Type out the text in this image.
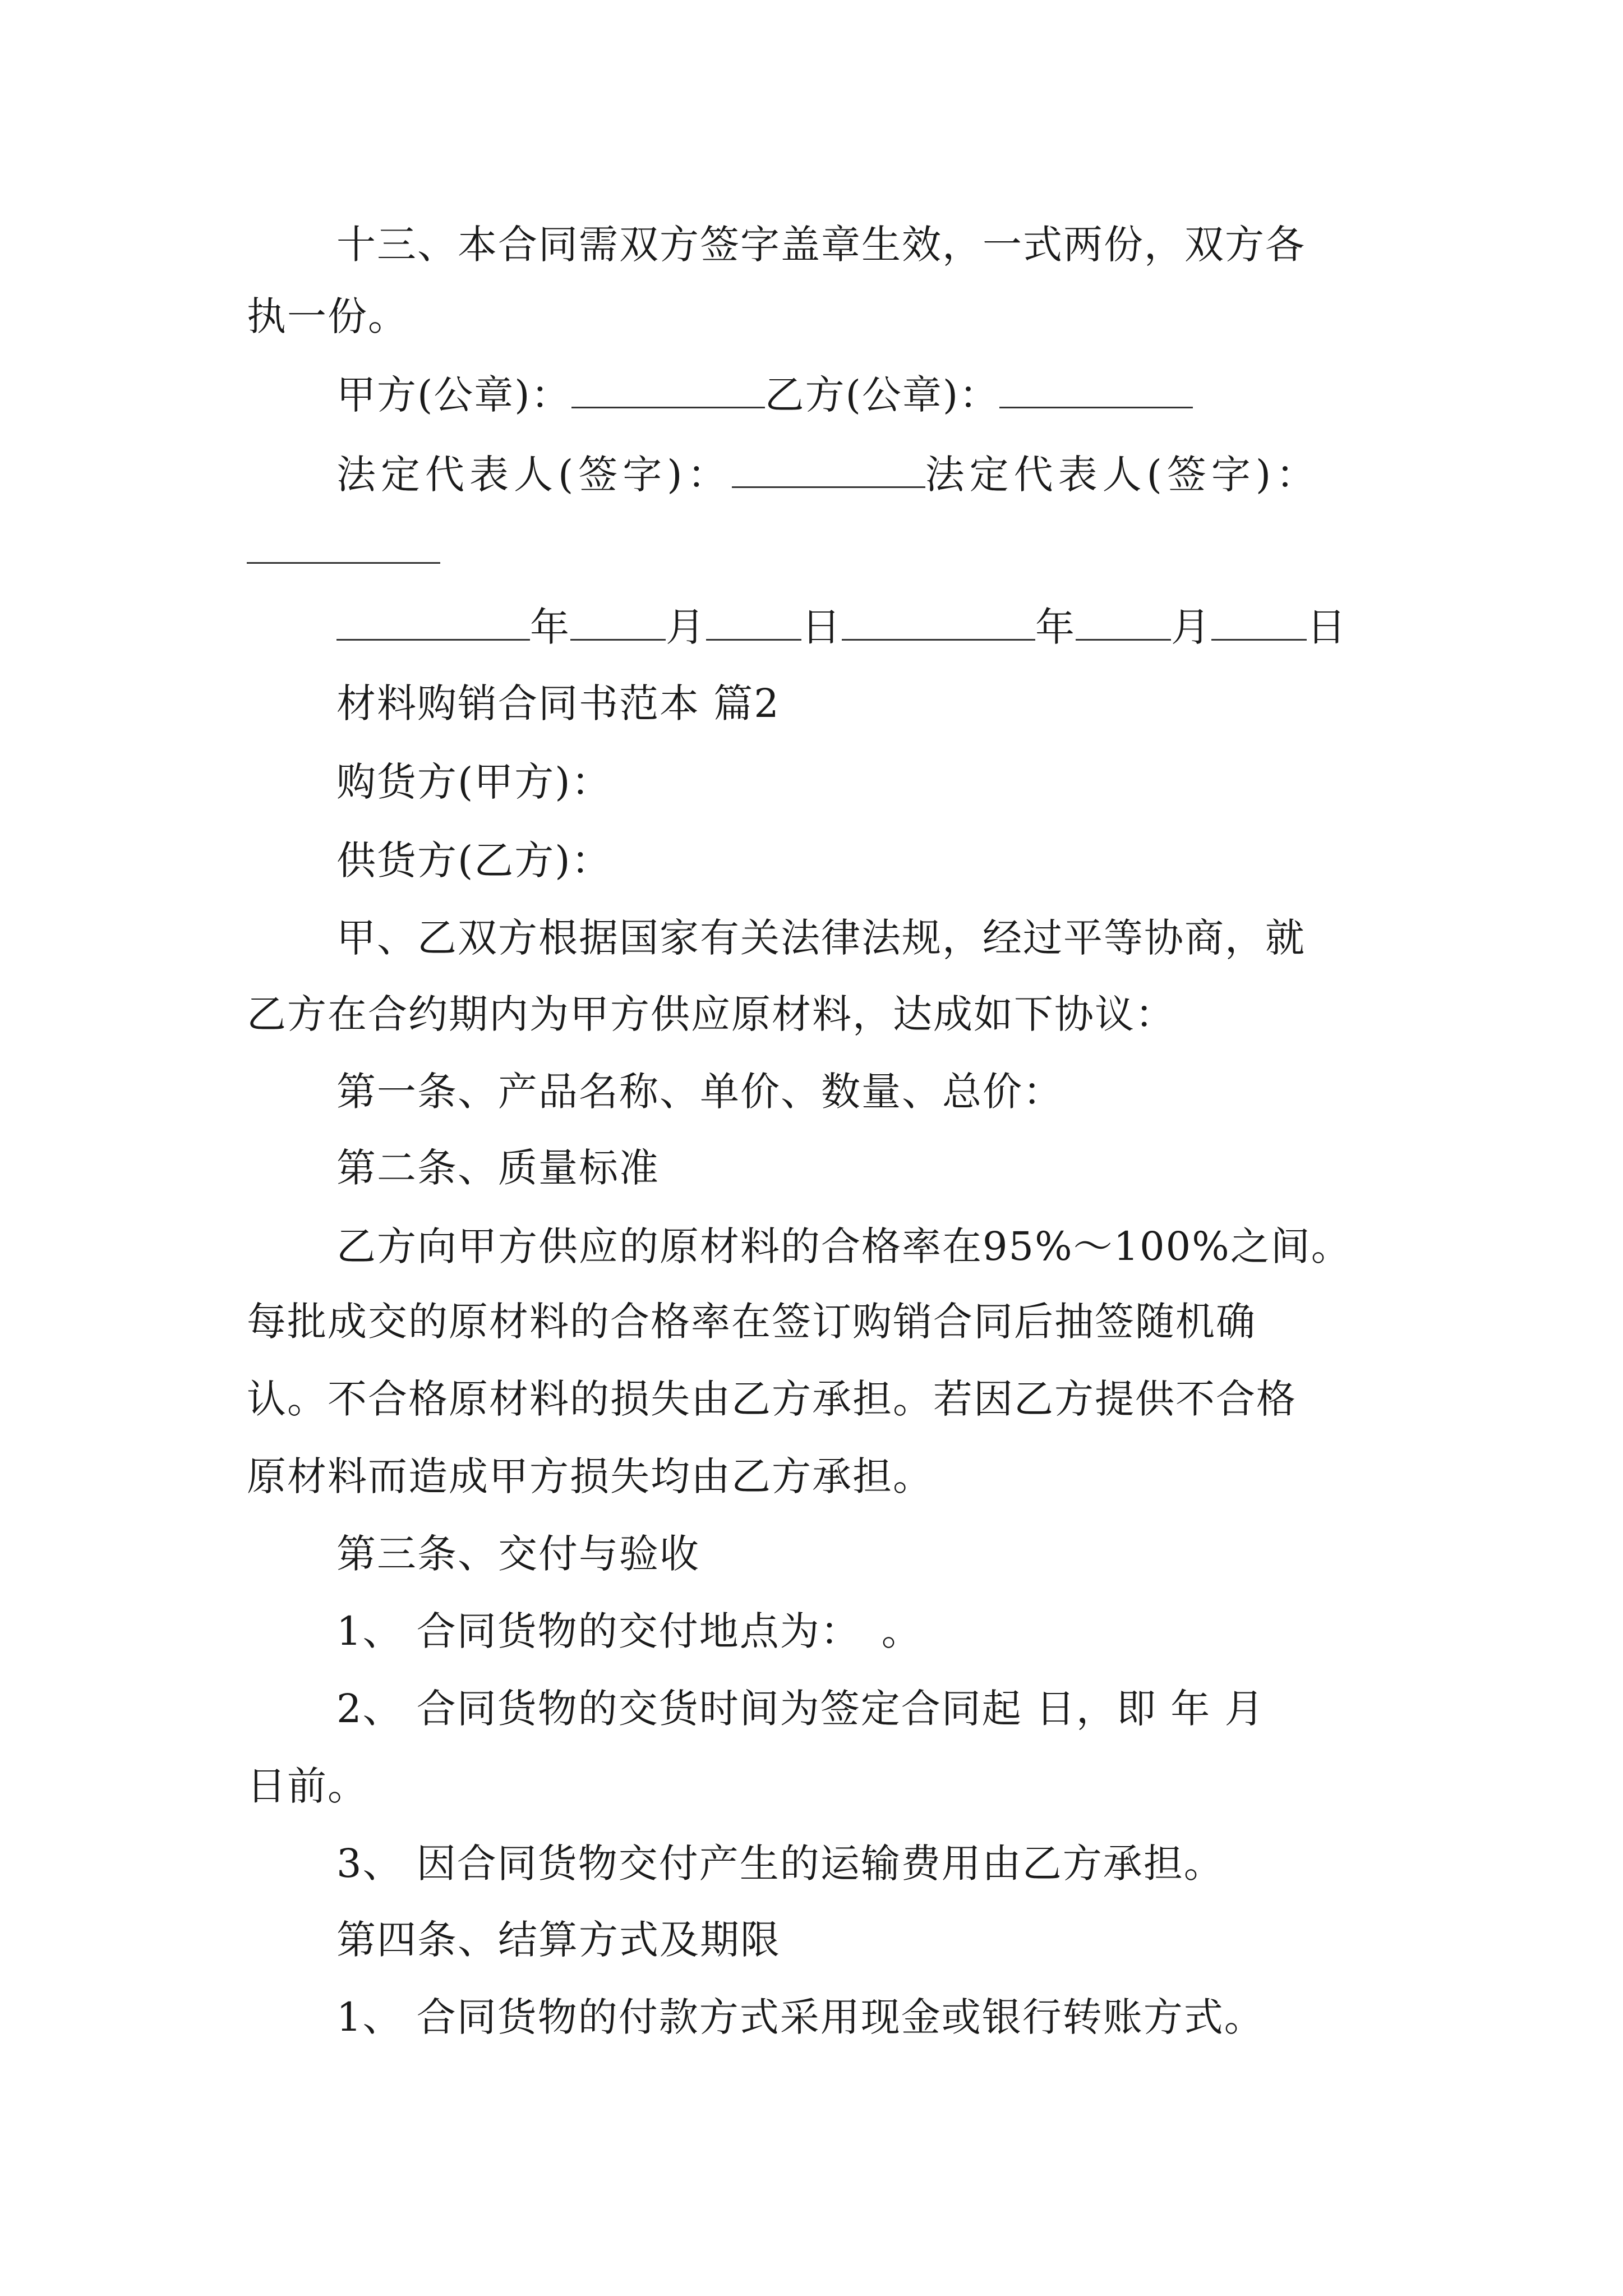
十三、本合同需双方签字盖章生效，一式两份，双方各
执一份。
甲方(公章)：	乙方(公章)：
法定代表人(签字)：	法定代表人(签字)：
年 月 日	年 月 日
材料购销合同书范本 篇2
购货方(甲方)：
供货方(乙方)：
甲、乙双方根据国家有关法律法规，经过平等协商，就
乙方在合约期内为甲方供应原材料，达成如下协议：
第一条、产品名称、单价、数量、总价：
第二条、质量标准
乙方向甲方供应的原材料的合格率在95%～100%之间。
每批成交的原材料的合格率在签订购销合同后抽签随机确
认。不合格原材料的损失由乙方承担。若因乙方提供不合格
原材料而造成甲方损失均由乙方承担。
第三条、交付与验收
1、 合同货物的交付地点为：　。
2、 合同货物的交货时间为签定合同起 日，即 年 月
日前。
3、 因合同货物交付产生的运输费用由乙方承担。
第四条、结算方式及期限
1、 合同货物的付款方式采用现金或银行转账方式。
